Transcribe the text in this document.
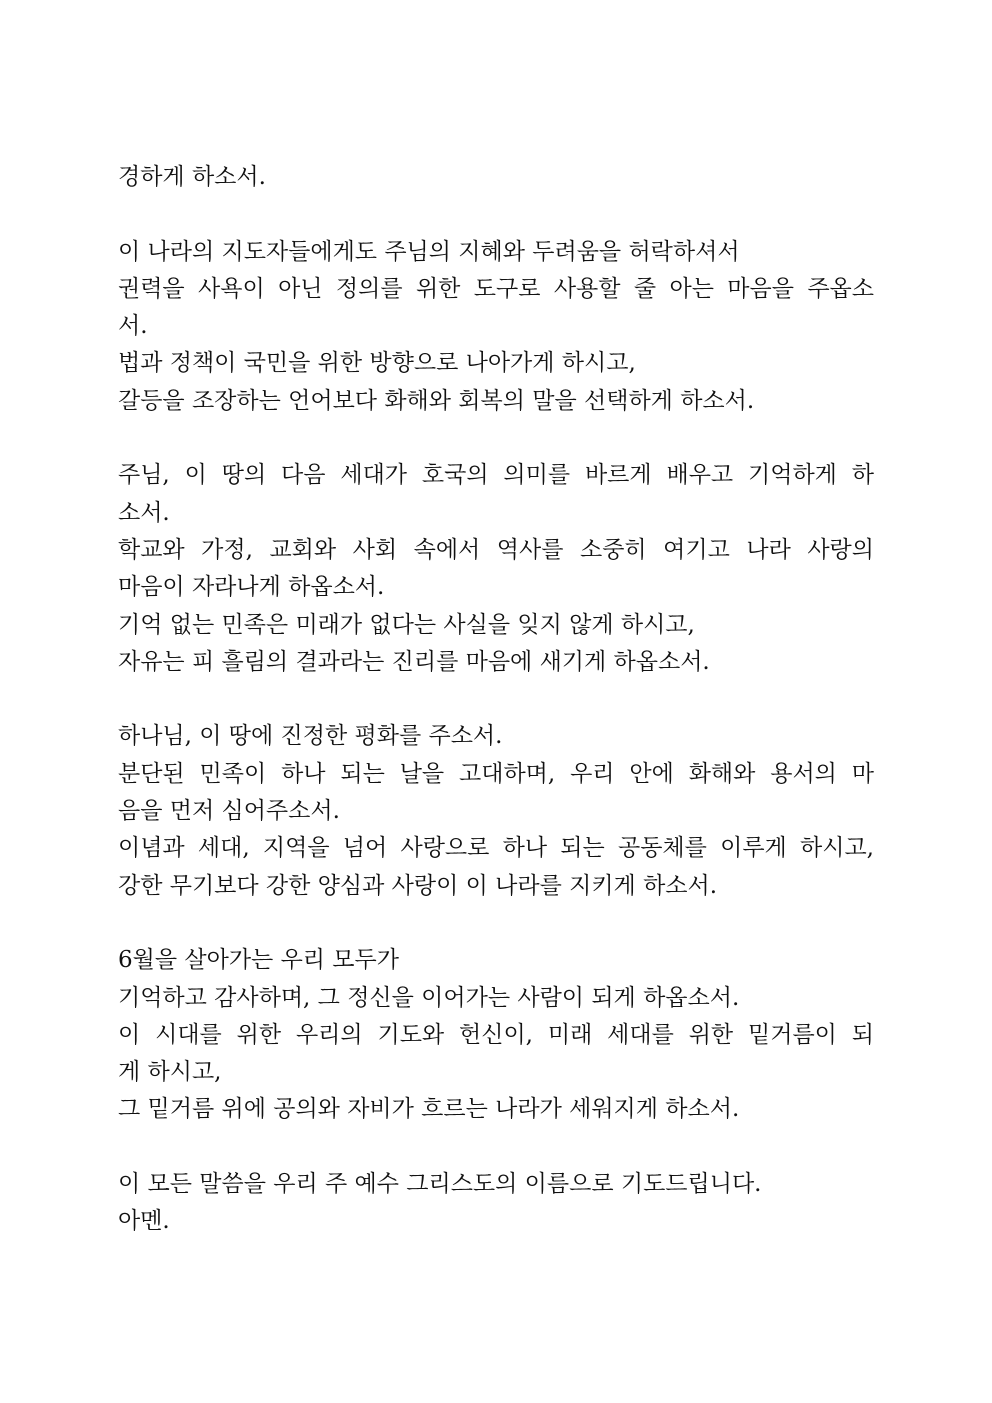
경하게 하소서.
이 나라의 지도자들에게도 주님의 지혜와 두려움을 허락하셔서
권력을 사욕이 아닌 정의를 위한 도구로 사용할 줄 아는 마음을 주옵소
서.
법과 정책이 국민을 위한 방향으로 나아가게 하시고,
갈등을 조장하는 언어보다 화해와 회복의 말을 선택하게 하소서.
주님, 이 땅의 다음 세대가 호국의 의미를 바르게 배우고 기억하게 하
소서.
학교와 가정, 교회와 사회 속에서 역사를 소중히 여기고 나라 사랑의
마음이 자라나게 하옵소서.
기억 없는 민족은 미래가 없다는 사실을 잊지 않게 하시고,
자유는 피 흘림의 결과라는 진리를 마음에 새기게 하옵소서.
하나님, 이 땅에 진정한 평화를 주소서.
분단된 민족이 하나 되는 날을 고대하며, 우리 안에 화해와 용서의 마
음을 먼저 심어주소서.
이념과 세대, 지역을 넘어 사랑으로 하나 되는 공동체를 이루게 하시고,
강한 무기보다 강한 양심과 사랑이 이 나라를 지키게 하소서.
6월을 살아가는 우리 모두가
기억하고 감사하며, 그 정신을 이어가는 사람이 되게 하옵소서.
이 시대를 위한 우리의 기도와 헌신이, 미래 세대를 위한 밑거름이 되
게 하시고,
그 밑거름 위에 공의와 자비가 흐르는 나라가 세워지게 하소서.
이 모든 말씀을 우리 주 예수 그리스도의 이름으로 기도드립니다.
아멘.
